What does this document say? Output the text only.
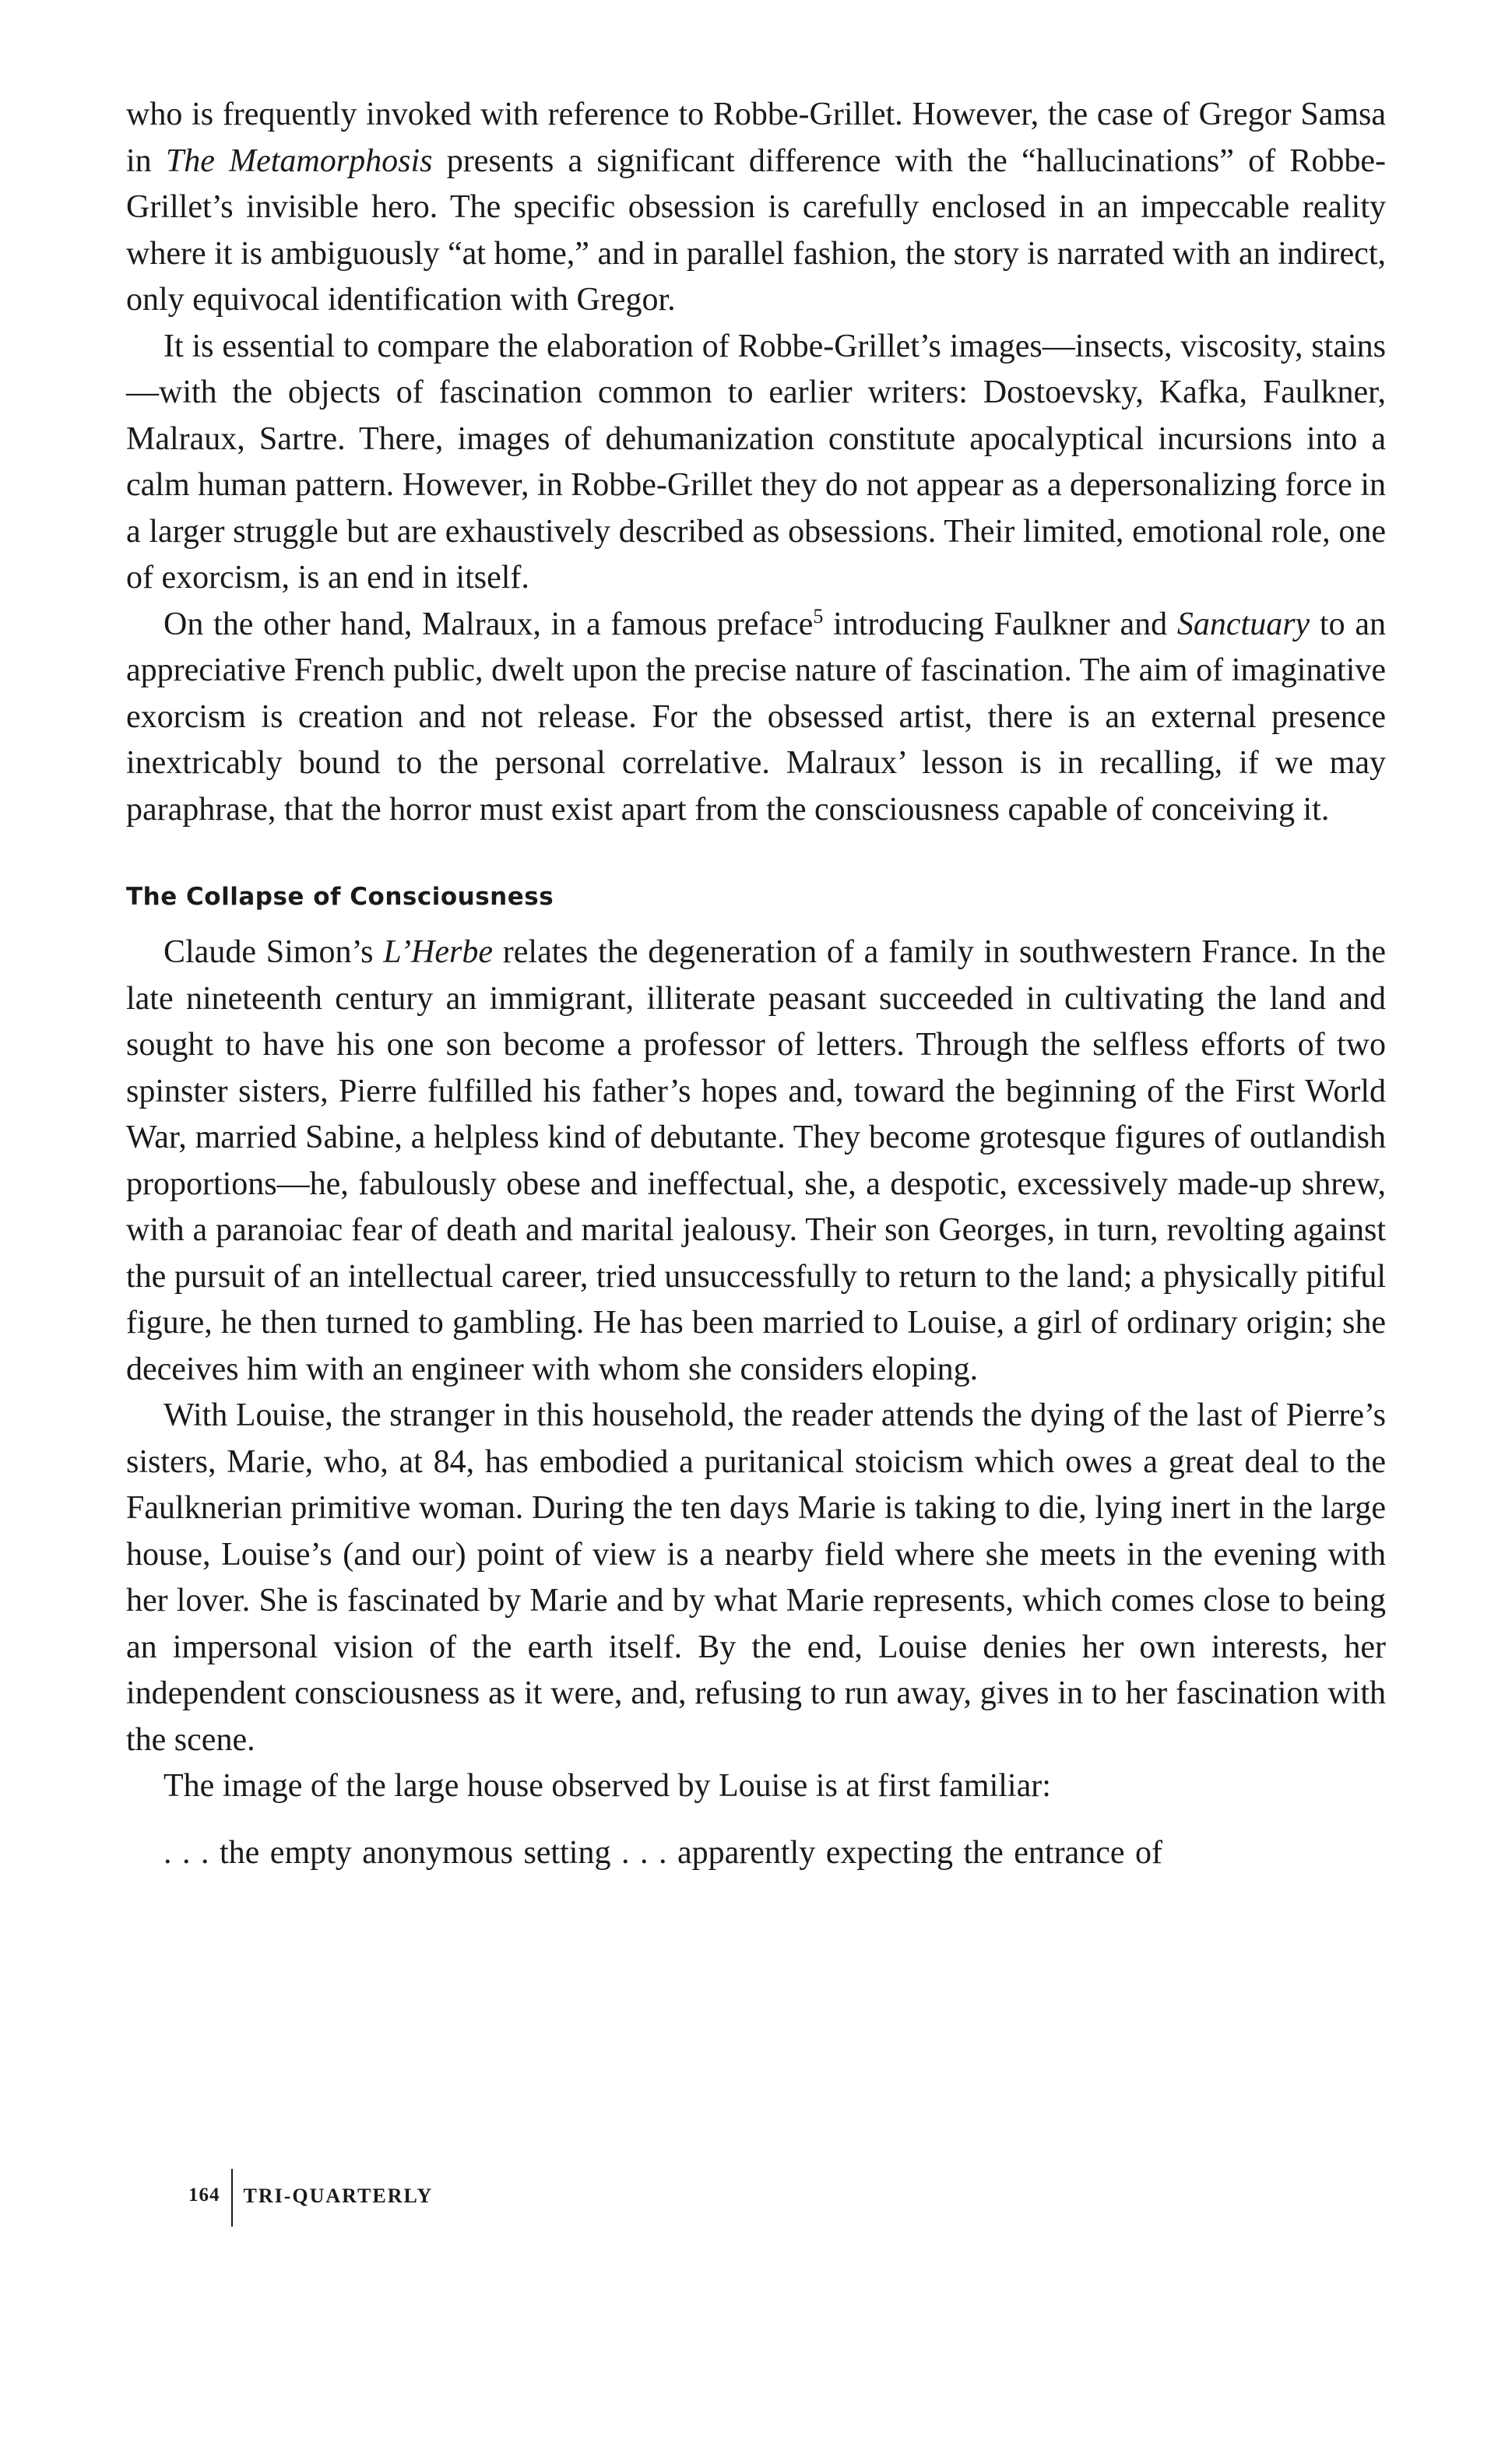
who is frequently invoked with reference to Robbe-Grillet. However, the case of Gregor Samsa in The Metamorphosis presents a significant difference with the “hallucinations” of Robbe-Grillet’s invisible hero. The specific obsession is carefully enclosed in an impeccable reality where it is ambiguously “at home,” and in parallel fashion, the story is narrated with an indirect, only equivocal identification with Gregor.

It is essential to compare the elaboration of Robbe-Grillet’s images—insects, viscosity, stains—with the objects of fascination common to earlier writers: Dostoevsky, Kafka, Faulkner, Malraux, Sartre. There, images of dehumanization constitute apocalyptical incursions into a calm human pattern. However, in Robbe-Grillet they do not appear as a depersonalizing force in a larger struggle but are exhaustively described as obsessions. Their limited, emotional role, one of exorcism, is an end in itself.

On the other hand, Malraux, in a famous preface$^5$ introducing Faulkner and Sanctuary to an appreciative French public, dwelt upon the precise nature of fascination. The aim of imaginative exorcism is creation and not release. For the obsessed artist, there is an external presence inextricably bound to the personal correlative. Malraux’ lesson is in recalling, if we may paraphrase, that the horror must exist apart from the consciousness capable of conceiving it.

The Collapse of Consciousness

Claude Simon’s L’Herbe relates the degeneration of a family in southwestern France. In the late nineteenth century an immigrant, illiterate peasant succeeded in cultivating the land and sought to have his one son become a professor of letters. Through the selfless efforts of two spinster sisters, Pierre fulfilled his father’s hopes and, toward the beginning of the First World War, married Sabine, a helpless kind of debutante. They become grotesque figures of outlandish proportions—he, fabulously obese and ineffectual, she, a despotic, excessively made-up shrew, with a paranoiac fear of death and marital jealousy. Their son Georges, in turn, revolting against the pursuit of an intellectual career, tried unsuccessfully to return to the land; a physically pitiful figure, he then turned to gambling. He has been married to Louise, a girl of ordinary origin; she deceives him with an engineer with whom she considers eloping.

With Louise, the stranger in this household, the reader attends the dying of the last of Pierre’s sisters, Marie, who, at 84, has embodied a puritanical stoicism which owes a great deal to the Faulknerian primitive woman. During the ten days Marie is taking to die, lying inert in the large house, Louise’s (and our) point of view is a nearby field where she meets in the evening with her lover. She is fascinated by Marie and by what Marie represents, which comes close to being an impersonal vision of the earth itself. By the end, Louise denies her own interests, her independent consciousness as it were, and, refusing to run away, gives in to her fascination with the scene.

The image of the large house observed by Louise is at first familiar:

. . . the empty anonymous setting . . . apparently expecting the entrance of

164	TRI-QUARTERLY
